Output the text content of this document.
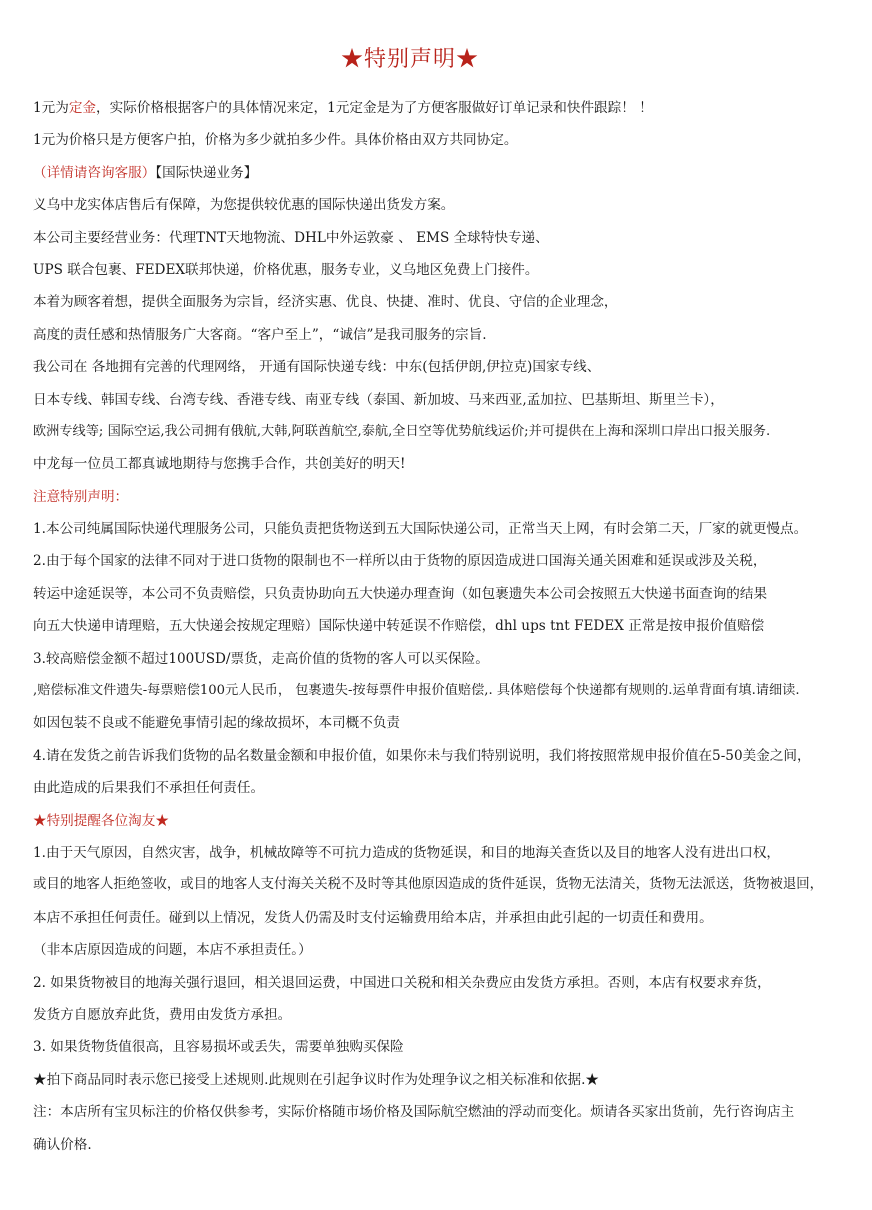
★特别声明★
1元为定金，实际价格根据客户的具体情况来定，1元定金是为了方便客服做好订单记录和快件跟踪！ ！
1元为价格只是方便客户拍，价格为多少就拍多少件。具体价格由双方共同协定。
（详情请咨询客服）【国际快递业务】
义乌中龙实体店售后有保障，为您提供较优惠的国际快递出货发方案。
本公司主要经营业务：代理TNT天地物流、DHL中外运敦豪 、 EMS 全球特快专递、
UPS 联合包裹、FEDEX联邦快递，价格优惠，服务专业，义乌地区免费上门接件。
本着为顾客着想，提供全面服务为宗旨，经济实惠、优良、快捷、准时、优良、守信的企业理念，
高度的责任感和热情服务广大客商。“客户至上”，“诚信”是我司服务的宗旨.
我公司在 各地拥有完善的代理网络， 开通有国际快递专线：中东(包括伊朗,伊拉克)国家专线、
日本专线、韩国专线、台湾专线、香港专线、南亚专线（泰国、新加坡、马来西亚,孟加拉、巴基斯坦、斯里兰卡），
欧洲专线等; 国际空运,我公司拥有俄航,大韩,阿联酋航空,泰航,全日空等优势航线运价;并可提供在上海和深圳口岸出口报关服务.
中龙每一位员工都真诚地期待与您携手合作，共创美好的明天!
注意特别声明：
1.本公司纯属国际快递代理服务公司，只能负责把货物送到五大国际快递公司，正常当天上网，有时会第二天，厂家的就更慢点。
2.由于每个国家的法律不同对于进口货物的限制也不一样所以由于货物的原因造成进口国海关通关困难和延误或涉及关税，
转运中途延误等，本公司不负责赔偿，只负责协助向五大快递办理查询（如包裹遗失本公司会按照五大快递书面查询的结果
向五大快递申请理赔，五大快递会按规定理赔）国际快递中转延误不作赔偿，dhl ups tnt FEDEX 正常是按申报价值赔偿
3.较高赔偿金额不超过100USD/票货，走高价值的货物的客人可以买保险。
,赔偿标准文件遗失-每票赔偿100元人民币， 包裹遗失-按每票件申报价值赔偿,. 具体赔偿每个快递都有规则的.运单背面有填.请细读.
如因包装不良或不能避免事情引起的缘故损坏，本司概不负责
4.请在发货之前告诉我们货物的品名数量金额和申报价值，如果你未与我们特别说明，我们将按照常规申报价值在5-50美金之间，
由此造成的后果我们不承担任何责任。
★特别提醒各位淘友★
1.由于天气原因，自然灾害，战争，机械故障等不可抗力造成的货物延误，和目的地海关查货以及目的地客人没有进出口权，
或目的地客人拒绝签收，或目的地客人支付海关关税不及时等其他原因造成的货件延误，货物无法清关，货物无法派送，货物被退回，
本店不承担任何责任。碰到以上情况，发货人仍需及时支付运输费用给本店，并承担由此引起的一切责任和费用。
（非本店原因造成的问题，本店不承担责任。）
2. 如果货物被目的地海关强行退回，相关退回运费，中国进口关税和相关杂费应由发货方承担。否则，本店有权要求弃货，
发货方自愿放弃此货，费用由发货方承担。
3. 如果货物货值很高，且容易损坏或丢失，需要单独购买保险
★拍下商品同时表示您已接受上述规则.此规则在引起争议时作为处理争议之相关标准和依据.★
注：本店所有宝贝标注的价格仅供参考，实际价格随市场价格及国际航空燃油的浮动而变化。烦请各买家出货前，先行咨询店主
确认价格.
